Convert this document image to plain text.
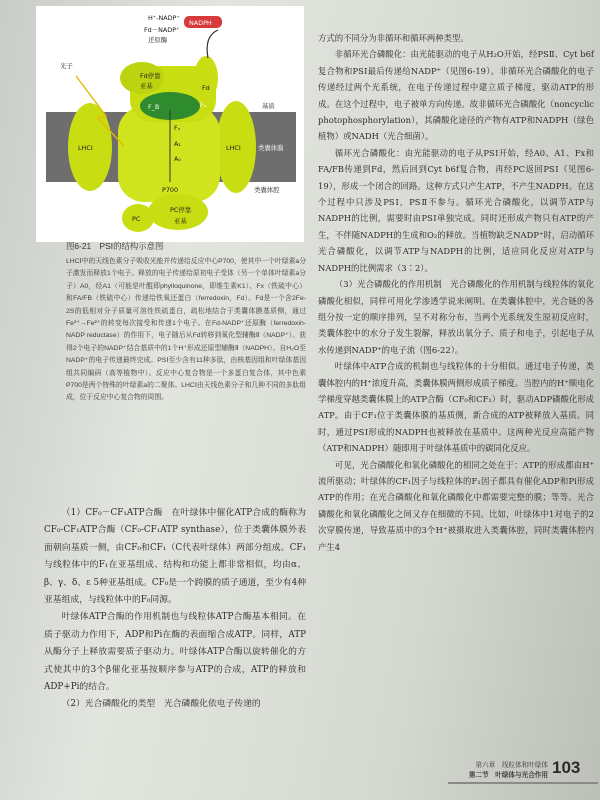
H⁺-NADP⁺
Fd－NADP⁺
还原酶
NADPH
光子
Fd停靠
亚基	Fd
Fₐ
F_B
Fₓ
A₁
A₀
P700
LHCⅠ	LHCⅠ
基质
类囊体膜
类囊体腔
PC
PC停靠
亚基
图6-21　PSⅠ的结构示意图

LHCⅠ中的天线色素分子吸收光能并传递给反应中心P700，使其中一个叶绿素a分子激发而释放1个电子。释放的电子传递给原初电子受体（另一个单体叶绿素a分子）A0，经A1（可能是叶醌即phylloquinone，即维生素K1）、Fx（铁硫中心）和FA/FB（铁硫中心）传递给铁氧还蛋白（ferredoxin，Fd）。Fd是一个含2Fe-2S的低相对分子质量可溶性铁硫蛋白，疏松地结合于类囊体膜基质侧，通过Fe³⁺→Fe²⁺的转变每次接受和传递1个电子。在Fd-NADP⁺还原酶（ferredoxin-NADP reductase）的作用下，电子随后从Fd转移到氧化型辅酶Ⅱ（NADP⁺）。获得2个电子的NADP⁺结合基质中的1个H⁺形成还原型辅酶Ⅱ（NADPH）。自H₂O至NADP⁺的电子传递最终完成。PSⅠ至少含有11种多肽，由核基因组和叶绿体基因组共同编码（高等植物中）。反应中心复合物是一个多蛋白复合体，其中色素P700是两个特殊的叶绿素a的二聚体。LHCⅠ由天线色素分子和几种不同的多肽组成，位于反应中心复合物的周围。

方式的不同分为非循环和循环两种类型。

非循环光合磷酸化：由光能驱动的电子从H₂O开始，经PSⅡ、Cyt b6f复合物和PSⅠ最后传递给NADP⁺（见图6-19）。非循环光合磷酸化的电子传递经过两个光系统，在电子传递过程中建立质子梯度，驱动ATP的形成。在这个过程中，电子被单方向传递。故非循环光合磷酸化（noncyclic photophosphorylation），其磷酸化途径的产物有ATP和NADPH（绿色植物）或NADH（光合细菌）。

循环光合磷酸化：由光能驱动的电子从PSⅠ开始，经A0、A1、Fx和FA/FB传递到Fd，然后回到Cyt b6f复合物，再经PC返回PSⅠ（见图6-19），形成一个闭合的回路。这种方式只产生ATP，不产生NADPH。在这个过程中只涉及PSⅠ，PSⅡ不参与。循环光合磷酸化，以调节ATP与NADPH的比例，需要时由PSⅠ单独完成。同时还形成产物只有ATP的产生，不伴随NADPH的生成和O₂的释放。当植物缺乏NADP⁺时，启动循环光合磷酸化，以调节ATP与NADPH的比例，适应同化反应对ATP与NADPH的比例需求（3∶2）。

（3）光合磷酸化的作用机制　光合磷酸化的作用机制与线粒体的氧化磷酸化相似，同样可用化学渗透学说来阐明。在类囊体腔中，光合链的各组分按一定的顺序排列，呈不对称分布，当两个光系统发生原初反应时，类囊体腔中的水分子发生裂解，释放出氧分子、质子和电子，引起电子从水传递到NADP⁺的电子流（图6-22）。

叶绿体中ATP合成的机制也与线粒体的十分相似。通过电子传递，类囊体腔内的H⁺浓度升高，类囊体膜两侧形成质子梯度。当腔内的H⁺顺电化学梯度穿越类囊体膜上的ATP合酶（CF₀和CF₁）时，驱动ADP磷酸化形成ATP。由于CF₁位于类囊体膜的基质侧，新合成的ATP被释放入基质。同时，通过PSⅠ形成的NADPH也被释放在基质中。这两种光反应高能产物（ATP和NADPH）随即用于叶绿体基质中的碳同化反应。

可见，光合磷酸化和氧化磷酸化的相同之处在于：ATP的形成都由H⁺流所驱动；叶绿体的CF₁因子与线粒体的F₁因子都具有催化ADP和Pi形成ATP的作用；在光合磷酸化和氧化磷酸化中都需要完整的膜；等等。光合磷酸化和氧化磷酸化之间又存在细微的不同。比如，叶绿体中1对电子的2次穿膜传递，导致基质中的3个H⁺被摄取进入类囊体腔，同时类囊体腔内产生4

（1）CF₀－CF₁ATP合酶　在叶绿体中催化ATP合成的酶称为CF₀-CF₁ATP合酶（CF₀-CF₁ATP synthase），位于类囊体膜外表面朝向基质一侧，由CF₀和CF₁（C代表叶绿体）两部分组成。CF₁与线粒体中的F₁在亚基组成、结构和功能上都非常相似，均由α、β、γ、δ、ε 5种亚基组成。CF₀是一个跨膜的质子通道，至少有4种亚基组成，与线粒体中的F₀同源。

叶绿体ATP合酶的作用机制也与线粒体ATP合酶基本相同。在质子驱动力作用下，ADP和Pi在酶的表面缩合成ATP。同样，ATP从酶分子上释放需要质子驱动力。叶绿体ATP合酶以旋转催化的方式使其中的3个β催化亚基按顺序参与ATP的合成，ATP的释放和ADP+Pi的结合。

（2）光合磷酸化的类型　光合磷酸化依电子传递的

第六章　线粒体和叶绿体
第二节　叶绿体与光合作用 103
